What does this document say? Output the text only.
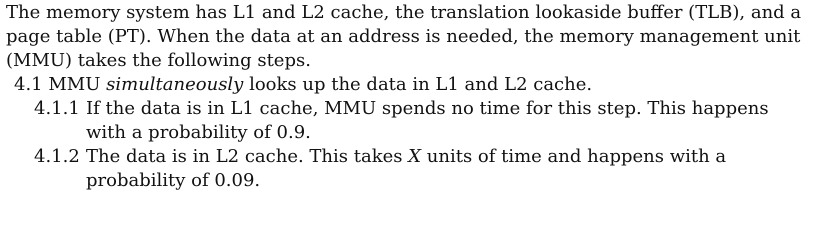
The memory system has L1 and L2 cache, the translation lookaside buffer (TLB), and a page table (PT). When the data at an address is needed, the memory management unit (MMU) takes the following steps.

4.1 MMU simultaneously looks up the data in L1 and L2 cache.
4.1.1 If the data is in L1 cache, MMU spends no time for this step. This happens with a probability of 0.9.
4.1.2 The data is in L2 cache. This takes X units of time and happens with a probability of 0.09.
